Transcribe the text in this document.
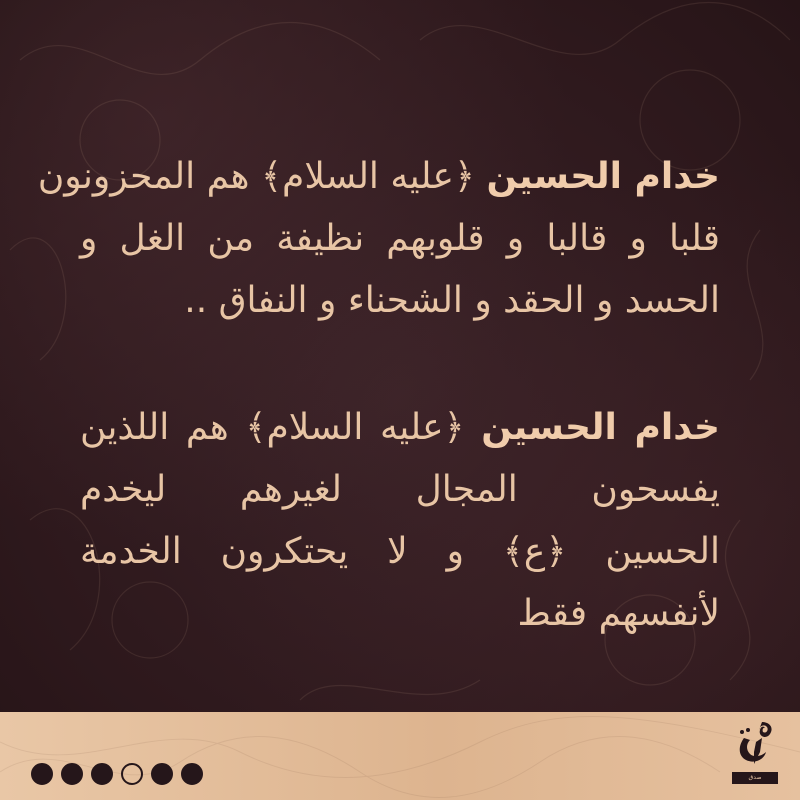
خدام الحسين ﴿عليه السلام﴾ هم المحزونون
قلبا و قالبا و قلوبهم نظيفة من الغل و
الحسد و الحقد و الشحناء و النفاق ..
خدام الحسين ﴿عليه السلام﴾ هم اللذين
يفسحون المجال لغيرهم ليخدم
الحسين ﴿ع﴾ و لا يحتكرون الخدمة
لأنفسهم فقط
صدق
